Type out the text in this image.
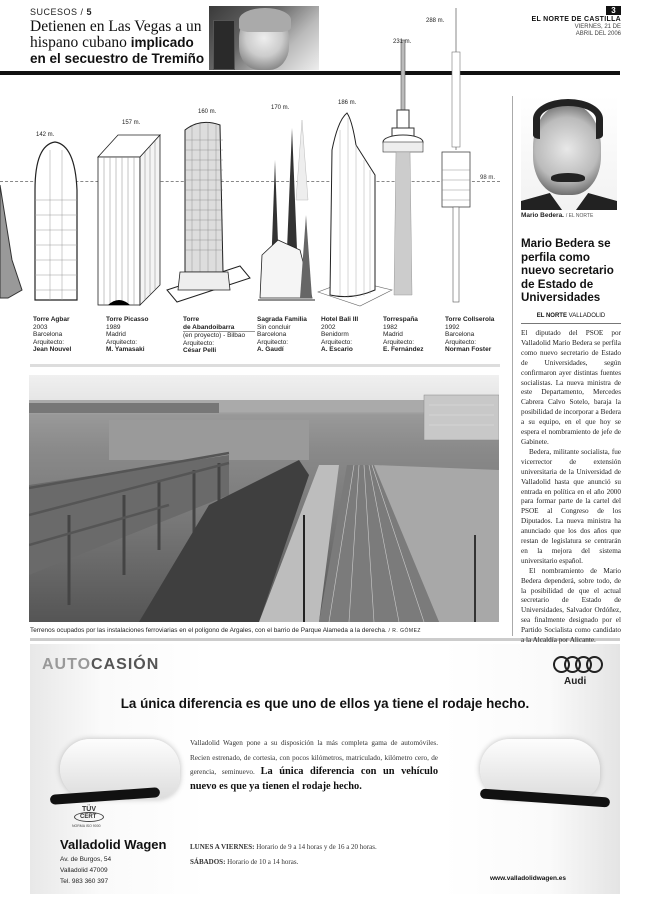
SUCESOS / 5
Detienen en Las Vegas a un hispano cubano implicado
en el secuestro de Tremiño
3
EL NORTE DE CASTILLA
VIERNES, 21 DE
ABRIL DEL 2006
98 m.
142 m.
157 m.
160 m.
170 m.
186 m.
231 m.
288 m.
Torre Agbar
2003
Barcelona
Arquitecto:
Jean Nouvel
Torre Picasso
1989
Madrid
Arquitecto:
M. Yamasaki
Torre
de Abandoibarra
(en proyecto) - Bilbao
Arquitecto:
César Pelli
Sagrada Familia
Sin concluir
Barcelona
Arquitecto:
A. Gaudí
Hotel Bali III
2002
Benidorm
Arquitecto:
A. Escario
Torrespaña
1982
Madrid
Arquitecto:
E. Fernández
Torre Collserola
1992
Barcelona
Arquitecto:
Norman Foster
Terrenos ocupados por las instalaciones ferroviarias en el polígono de Argales, con el barrio de Parque Alameda a la derecha. / R. GÓMEZ
Mario Bedera. / EL NORTE
Mario Bedera se perfila como nuevo secretario de Estado de Universidades
EL NORTE VALLADOLID

El diputado del PSOE por Valladolid Mario Bedera se perfila como nuevo secretario de Estado de Universidades, según confirmaron ayer distintas fuentes socialistas. La nueva ministra de este Departamento, Mercedes Cabrera Calvo Sotelo, baraja la posibilidad de incorporar a Bedera a su equipo, en el que hoy se espera el nombramiento de jefe de Gabinete.

Bedera, militante socialista, fue vicerrector de extensión universitaria de la Universidad de Valladolid hasta que anunció su entrada en política en el año 2000 para formar parte de la cartel del PSOE al Congreso de los Diputados. La nueva ministra ha anunciado que los dos años que restan de legislatura se centrarán en la mejora del sistema universitario español.

El nombramiento de Mario Bedera dependerá, sobre todo, de la posibilidad de que el actual secretario de Estado de Universidades, Salvador Ordóñez, sea finalmente designado por el Partido Socialista como candidato a la Alcaldía por Alicante.

AUTOCASIÓN
Audi
La única diferencia es que uno de ellos ya tiene el rodaje hecho.
Valladolid Wagen pone a su disposición la más completa gama de automóviles. Recien estrenado, de cortesia, con pocos kilómetros, matriculado, kilómetro cero, de gerencia, seminuevo. La única diferencia con un vehículo nuevo es que ya tienen el rodaje hecho.
LUNES A VIERNES: Horario de 9 a 14 horas y de 16 a 20 horas.
SÁBADOS: Horario de 10 a 14 horas.
TÜV
CERT
NORMA ISO 9000
Valladolid Wagen
Av. de Burgos, 54
Valladolid 47009
Tel. 983 360 397	www.valladolidwagen.es
